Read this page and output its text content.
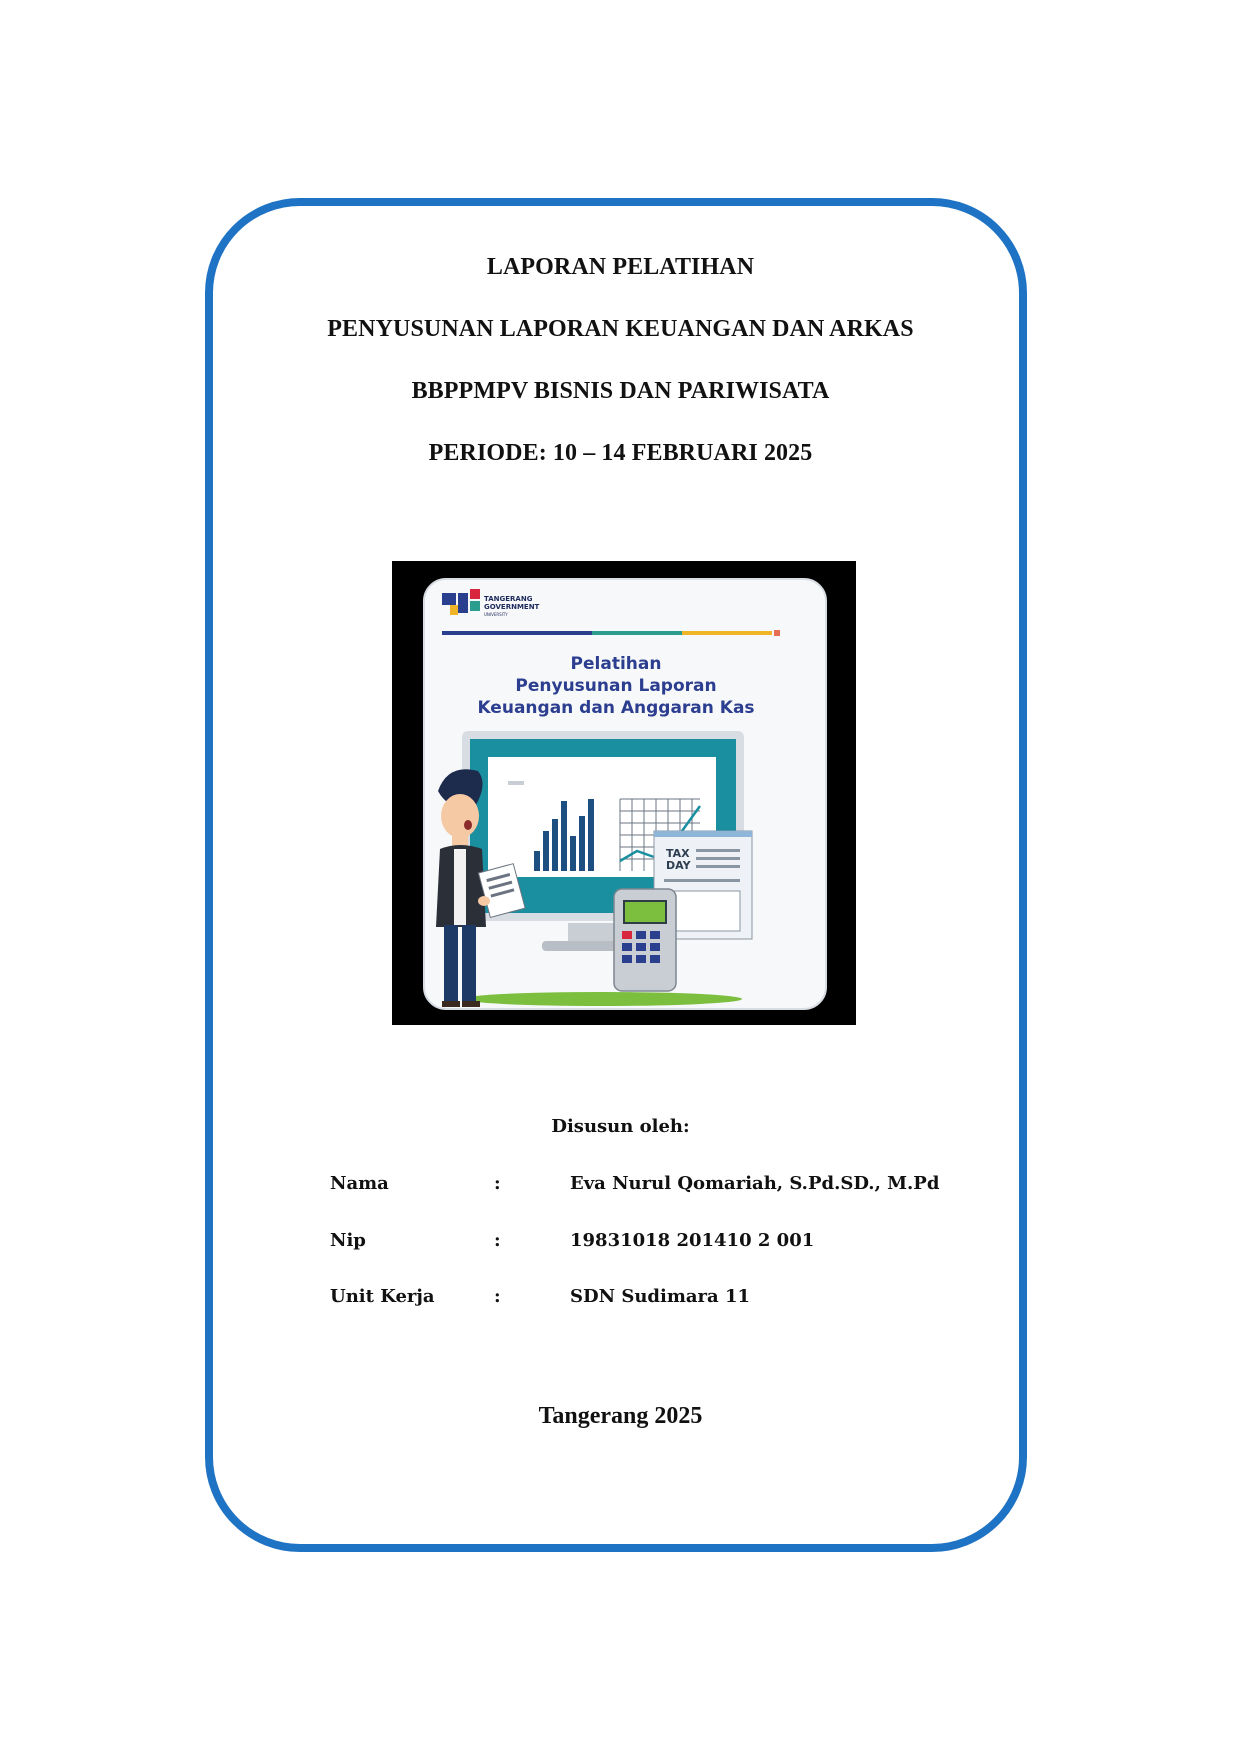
LAPORAN PELATIHAN
PENYUSUNAN LAPORAN KEUANGAN DAN ARKAS
BBPPMPV BISNIS DAN PARIWISATA
PERIODE: 10 – 14 FEBRUARI 2025
TANGERANG
GOVERNMENT
UNIVERSITY
Pelatihan
Penyusunan Laporan
Keuangan dan Anggaran Kas
TAX
DAY
Disusun oleh:
Nama	:	Eva Nurul Qomariah, S.Pd.SD., M.Pd
Nip	:	19831018 201410 2 001
Unit Kerja	:	SDN Sudimara 11
Tangerang 2025
